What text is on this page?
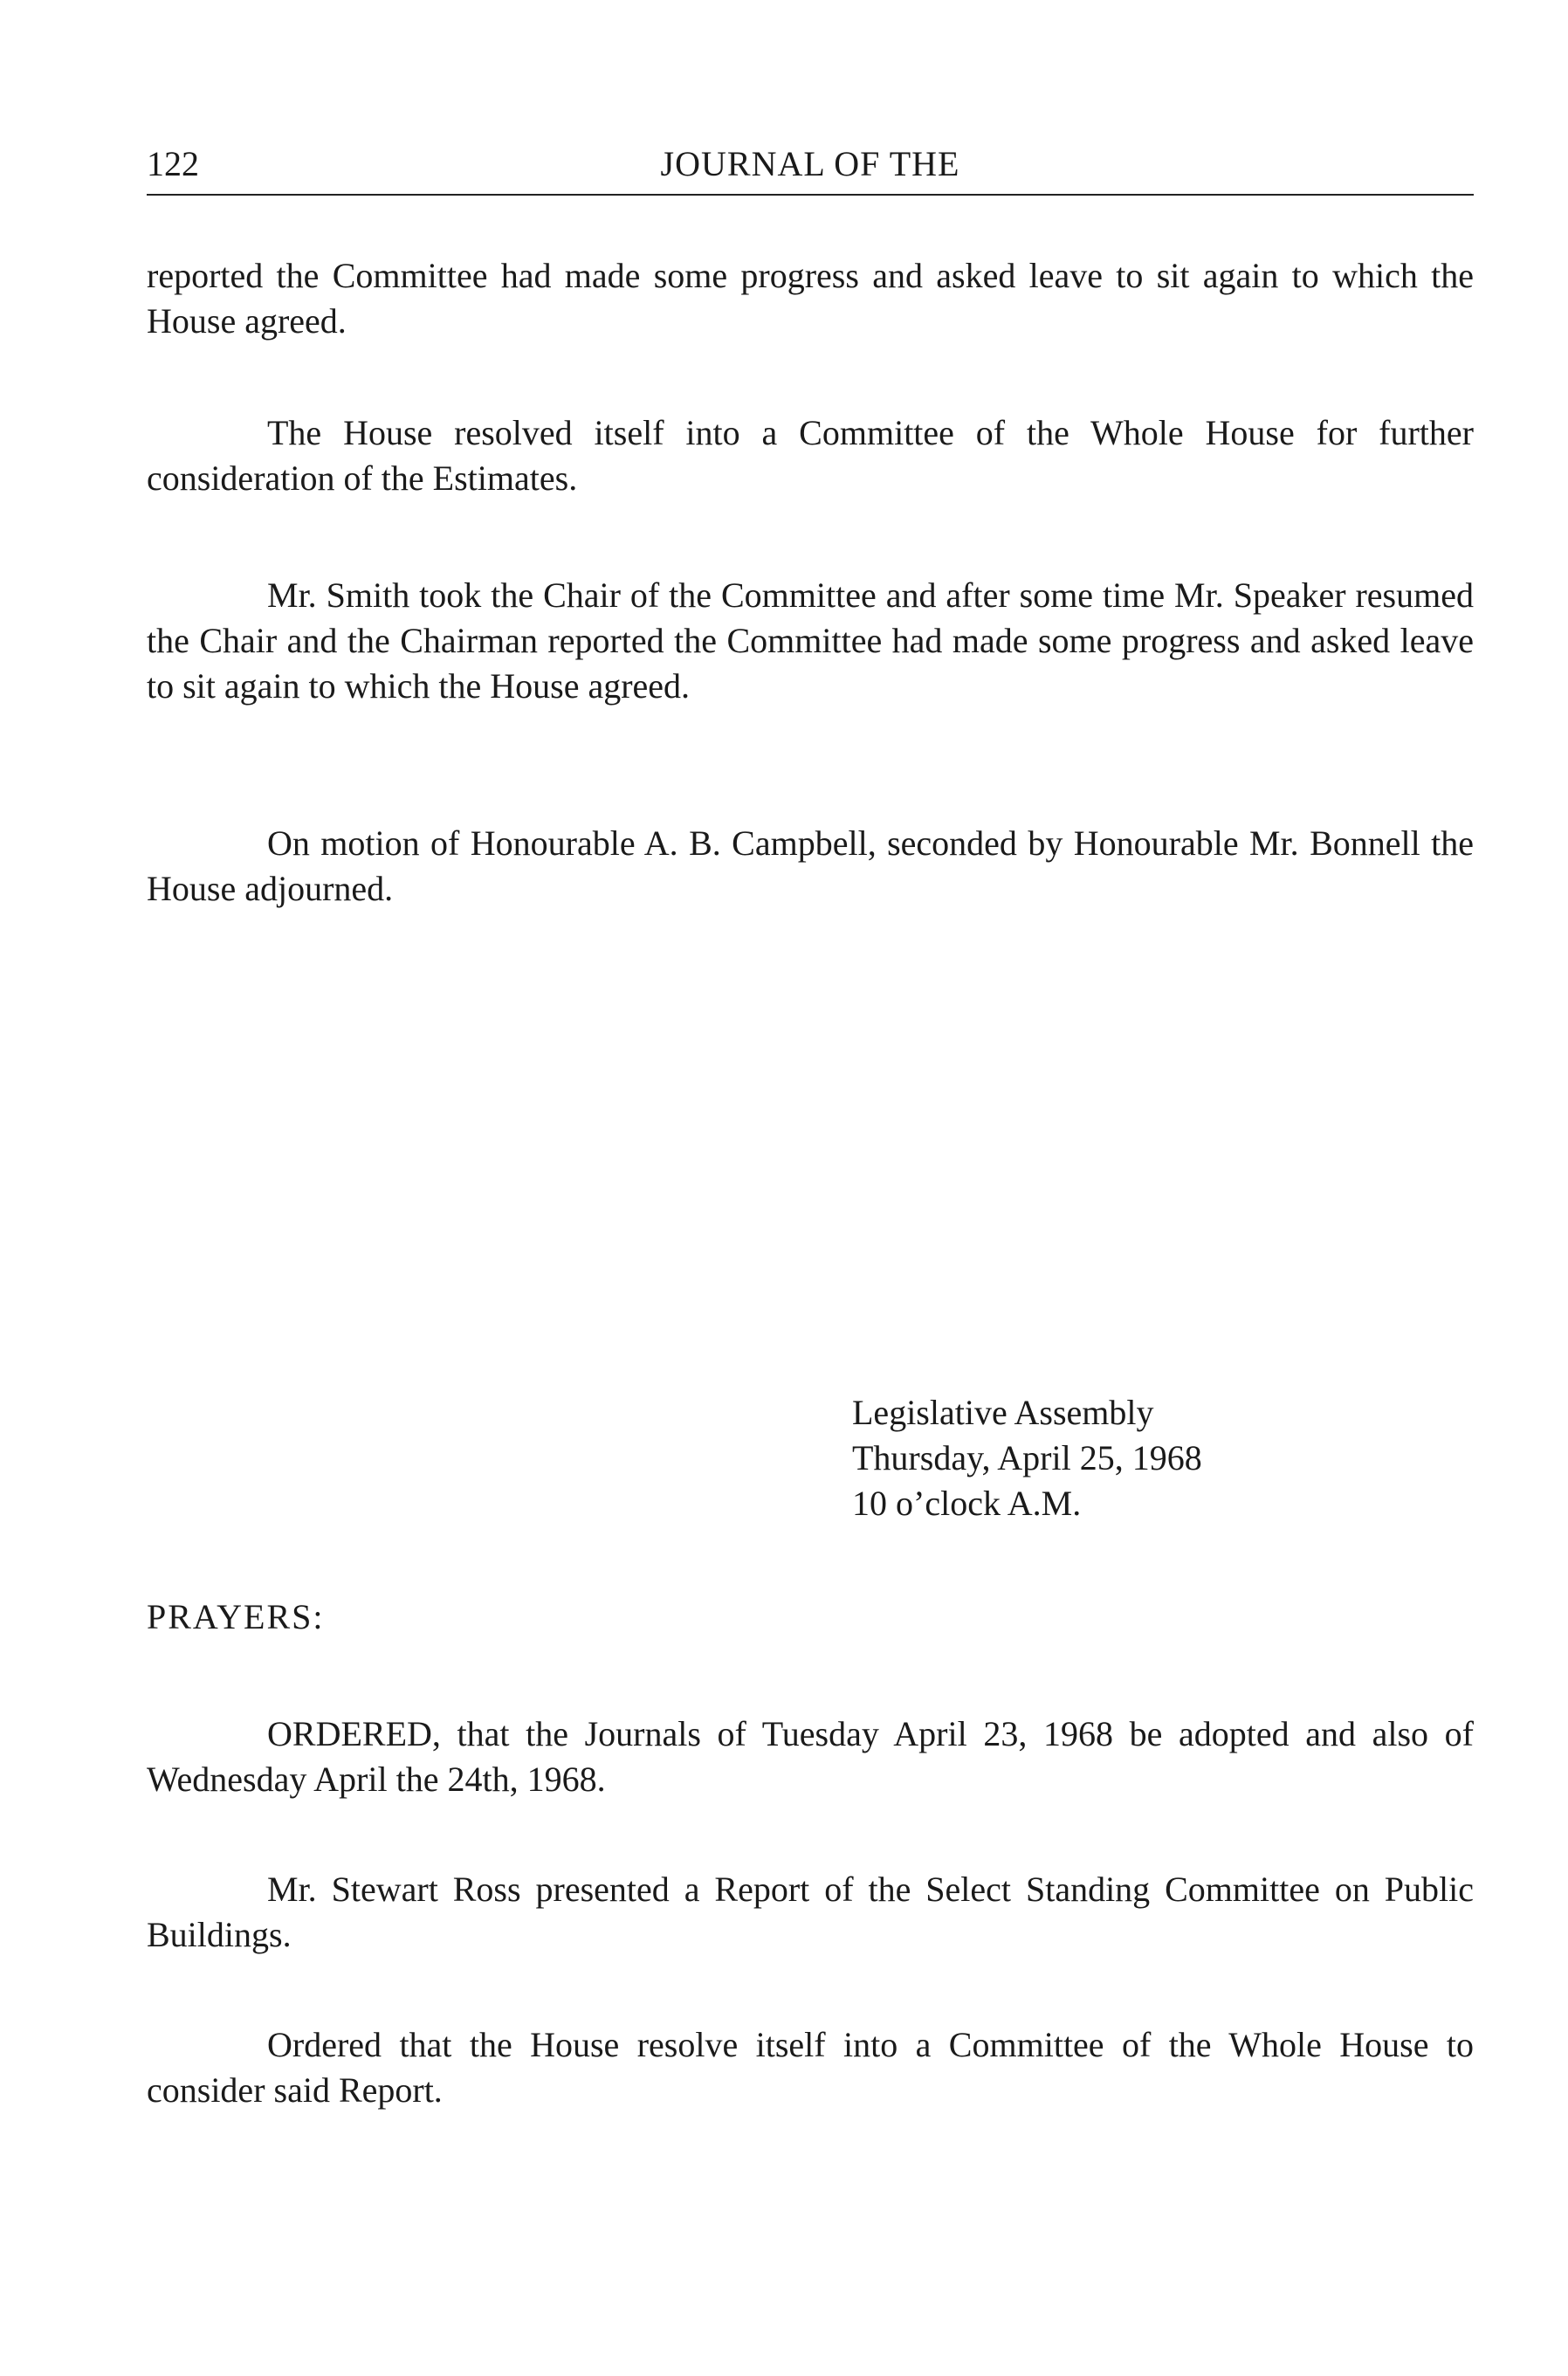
122	JOURNAL OF THE

reported the Committee had made some progress and asked leave to sit again to which the House agreed.

The House resolved itself into a Committee of the Whole House for further consideration of the Estimates.

Mr. Smith took the Chair of the Committee and after some time Mr. Speaker resumed the Chair and the Chairman reported the Committee had made some progress and asked leave to sit again to which the House agreed.

On motion of Honourable A. B. Campbell, seconded by Honourable Mr. Bonnell the House adjourned.

Legislative Assembly
Thursday, April 25, 1968
10 o’clock A.M.

PRAYERS:

ORDERED, that the Journals of Tuesday April 23, 1968 be adopted and also of Wednesday April the 24th, 1968.

Mr. Stewart Ross presented a Report of the Select Standing Committee on Public Buildings.

Ordered that the House resolve itself into a Committee of the Whole House to consider said Report.
